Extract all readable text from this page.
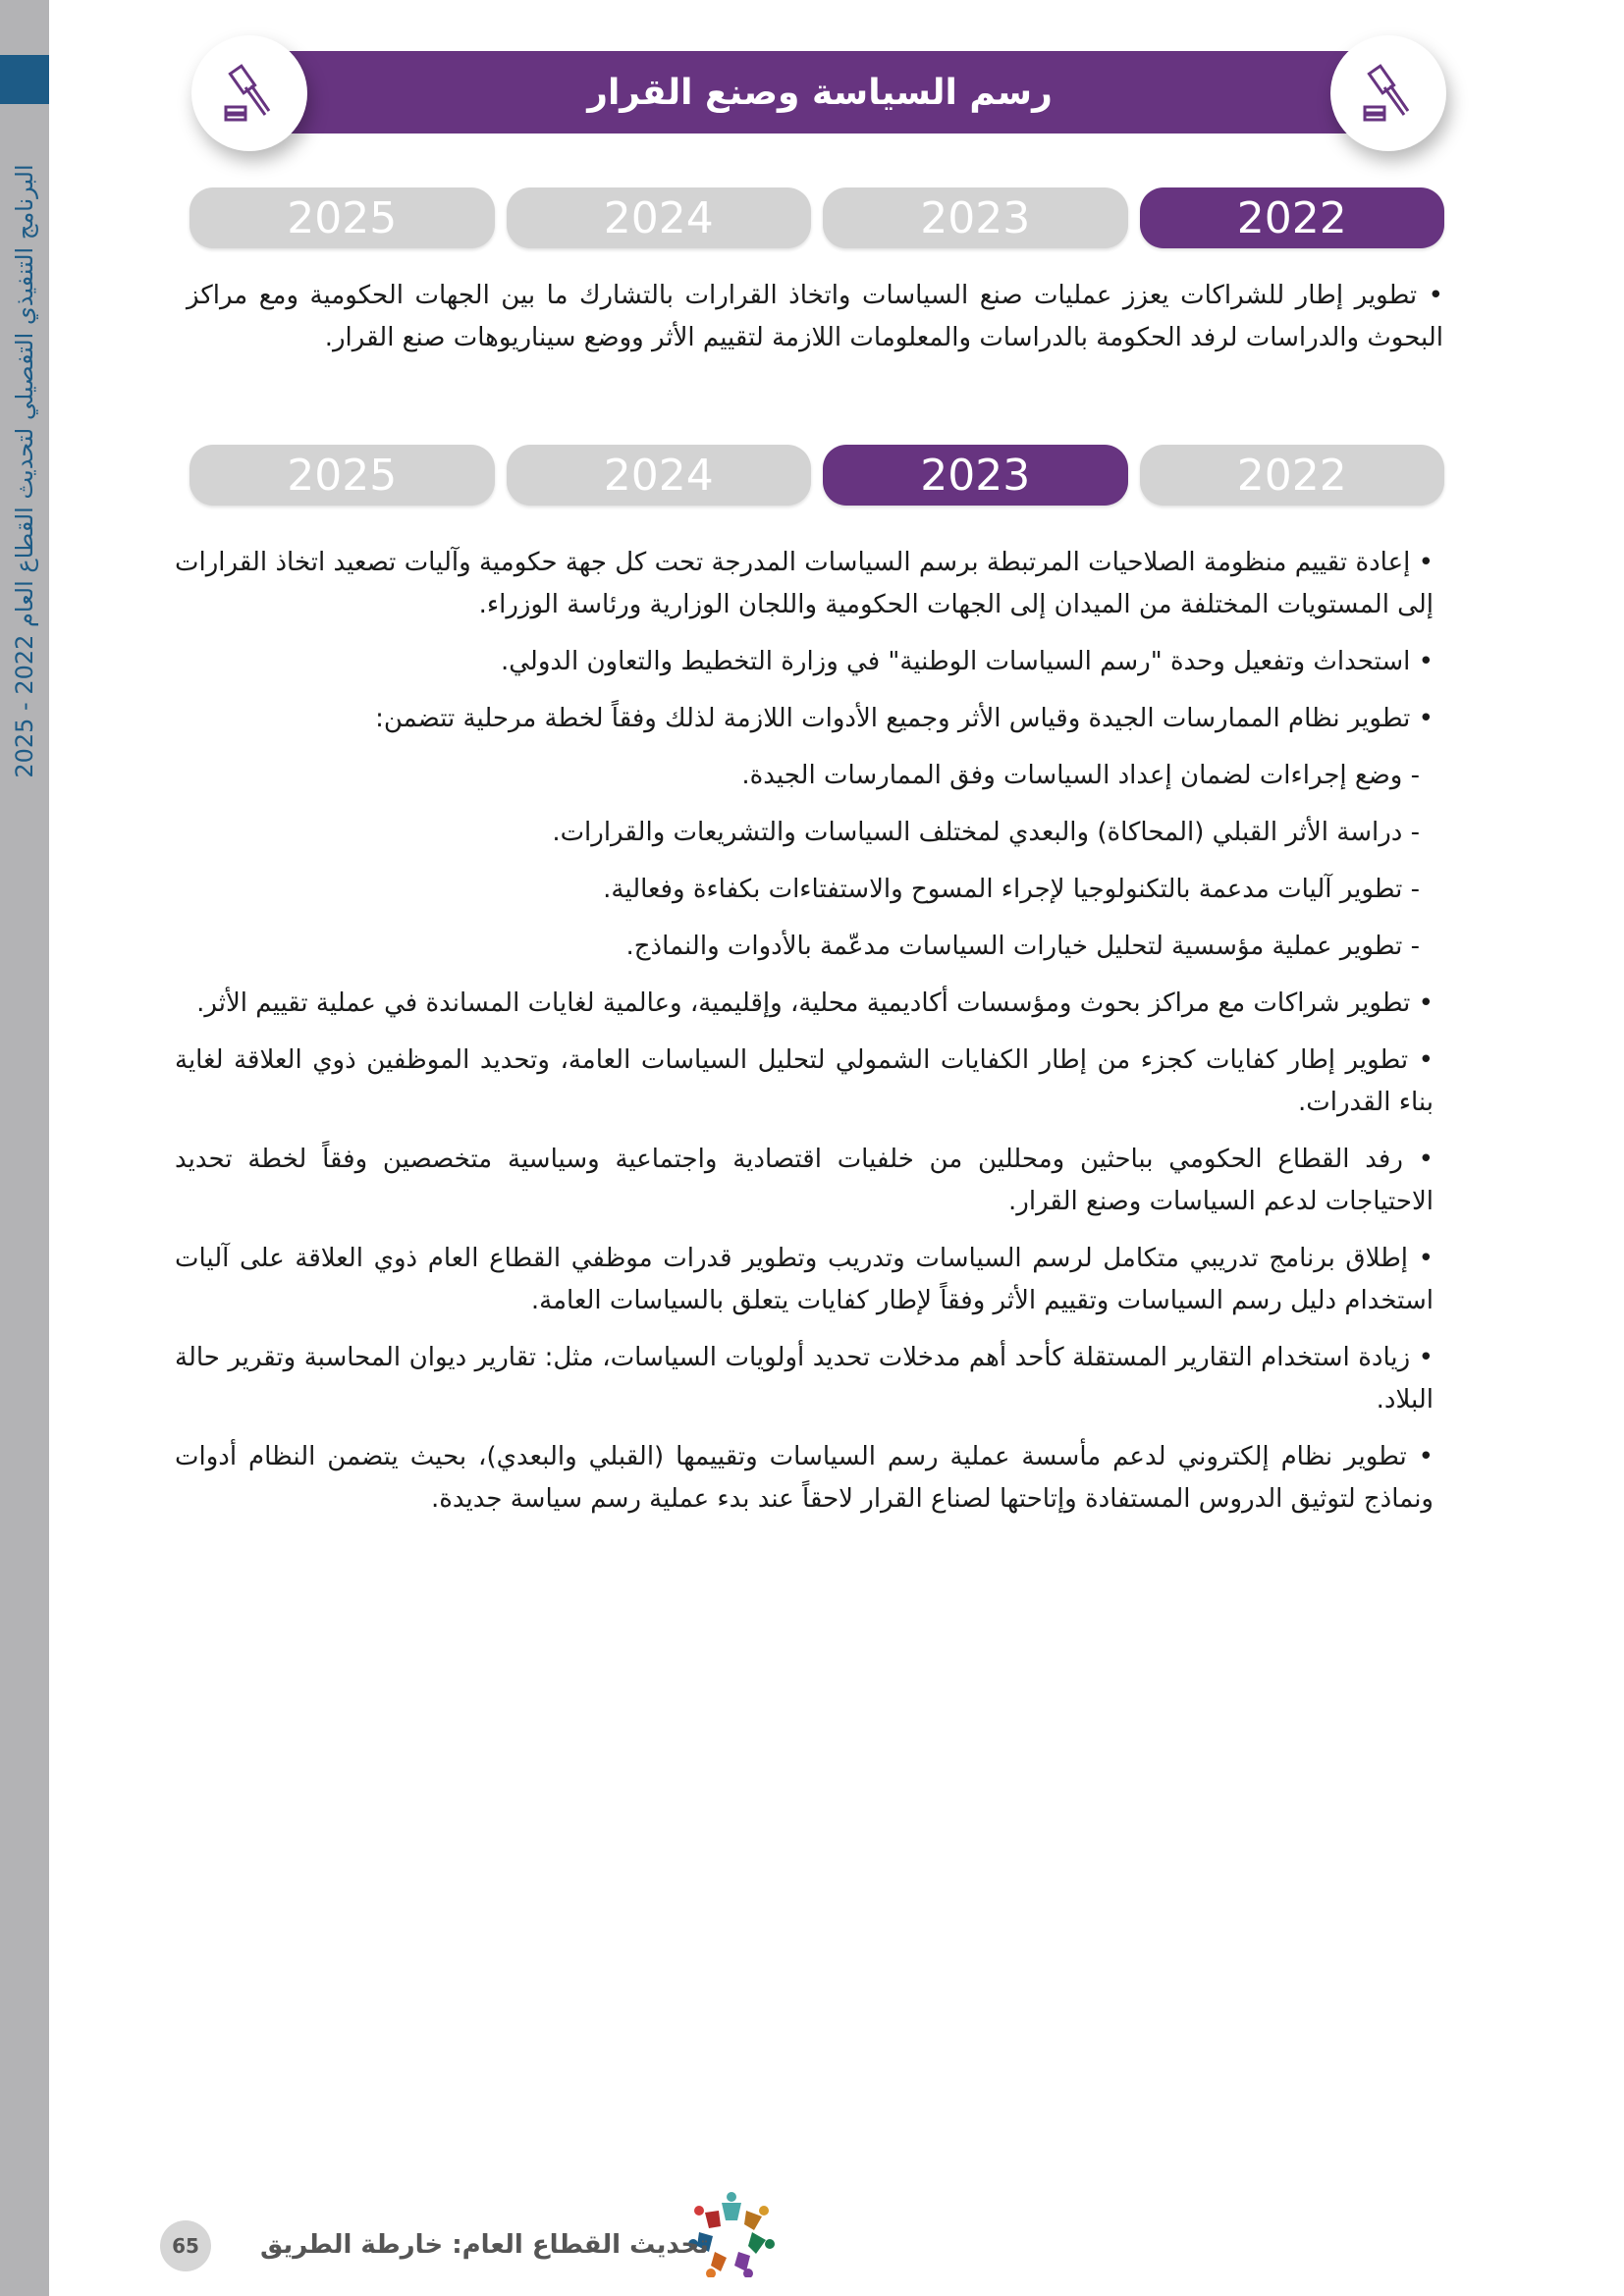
البرنامج التنفيذي التفصيلي لتحديث القطاع العام 2022 - 2025
رسم السياسة وصنع القرار
2022
2023
2024
2025

• تطوير إطار للشراكات يعزز عمليات صنع السياسات واتخاذ القرارات بالتشارك ما بين الجهات الحكومية ومع مراكز البحوث والدراسات لرفد الحكومة بالدراسات والمعلومات اللازمة لتقييم الأثر ووضع سيناريوهات صنع القرار.

2022
2023
2024
2025

• إعادة تقييم منظومة الصلاحيات المرتبطة برسم السياسات المدرجة تحت كل جهة حكومية وآليات تصعيد اتخاذ القرارات إلى المستويات المختلفة من الميدان إلى الجهات الحكومية واللجان الوزارية ورئاسة الوزراء.

• استحداث وتفعيل وحدة "رسم السياسات الوطنية" في وزارة التخطيط والتعاون الدولي.

• تطوير نظام الممارسات الجيدة وقياس الأثر وجميع الأدوات اللازمة لذلك وفقاً لخطة مرحلية تتضمن:

- وضع إجراءات لضمان إعداد السياسات وفق الممارسات الجيدة.

- دراسة الأثر القبلي (المحاكاة) والبعدي لمختلف السياسات والتشريعات والقرارات.

- تطوير آليات مدعمة بالتكنولوجيا لإجراء المسوح والاستفتاءات بكفاءة وفعالية.

- تطوير عملية مؤسسية لتحليل خيارات السياسات مدعّمة بالأدوات والنماذج.

• تطوير شراكات مع مراكز بحوث ومؤسسات أكاديمية محلية، وإقليمية، وعالمية لغايات المساندة في عملية تقييم الأثر.

• تطوير إطار كفايات كجزء من إطار الكفايات الشمولي لتحليل السياسات العامة، وتحديد الموظفين ذوي العلاقة لغاية بناء القدرات.

• رفد القطاع الحكومي بباحثين ومحللين من خلفيات اقتصادية واجتماعية وسياسية متخصصين وفقاً لخطة تحديد الاحتياجات لدعم السياسات وصنع القرار.

• إطلاق برنامج تدريبي متكامل لرسم السياسات وتدريب وتطوير قدرات موظفي القطاع العام ذوي العلاقة على آليات استخدام دليل رسم السياسات وتقييم الأثر وفقاً لإطار كفايات يتعلق بالسياسات العامة.

• زيادة استخدام التقارير المستقلة كأحد أهم مدخلات تحديد أولويات السياسات، مثل: تقارير ديوان المحاسبة وتقرير حالة البلاد.

• تطوير نظام إلكتروني لدعم مأسسة عملية رسم السياسات وتقييمها (القبلي والبعدي)، بحيث يتضمن النظام أدوات ونماذج لتوثيق الدروس المستفادة وإتاحتها لصناع القرار لاحقاً عند بدء عملية رسم سياسة جديدة.

تحديث القطاع العام: خارطة الطريق
65
